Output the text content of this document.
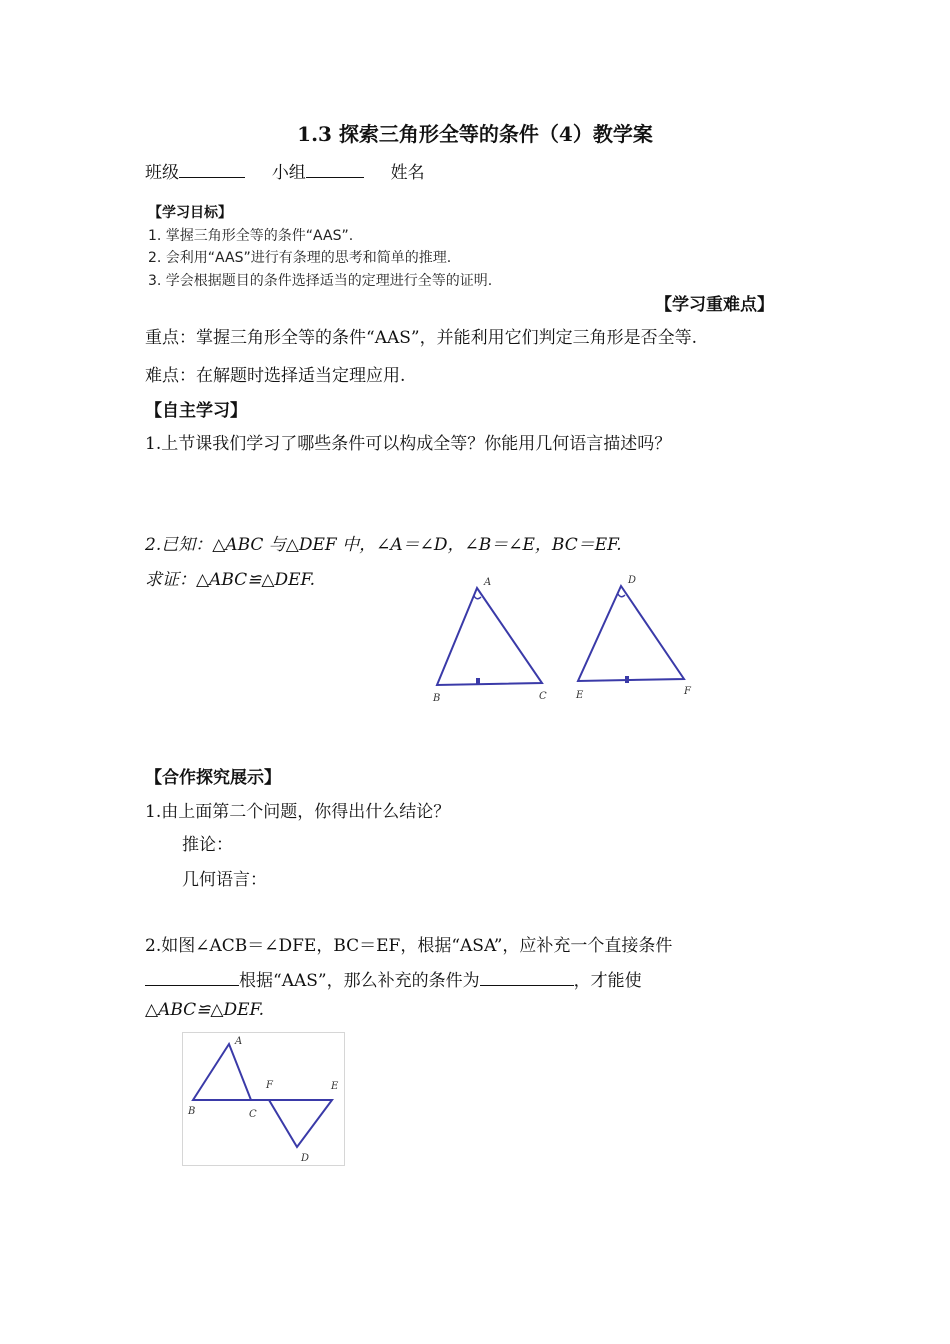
1.3 探索三角形全等的条件（4）教学案
班级	小组	姓名
【学习目标】
1. 掌握三角形全等的条件“AAS”.
2. 会利用“AAS”进行有条理的思考和简单的推理.
3. 学会根据题目的条件选择适当的定理进行全等的证明.
【学习重难点】
重点：掌握三角形全等的条件“AAS”，并能利用它们判定三角形是否全等.
难点：在解题时选择适当定理应用.
【自主学习】
1.上节课我们学习了哪些条件可以构成全等？你能用几何语言描述吗？
2.已知：△ABC 与△DEF 中，∠A＝∠D，∠B＝∠E，BC＝EF.
求证：△ABC≌△DEF.	A
B	C
D
E	F
【合作探究展示】
1.由上面第二个问题，你得出什么结论？
推论：
几何语言：
2.如图∠ACB＝∠DFE，BC＝EF，根据“ASA”，应补充一个直接条件
根据“AAS”，那么补充的条件为	，才能使
△ABC≌△DEF.
A
B	C
F	E
D
